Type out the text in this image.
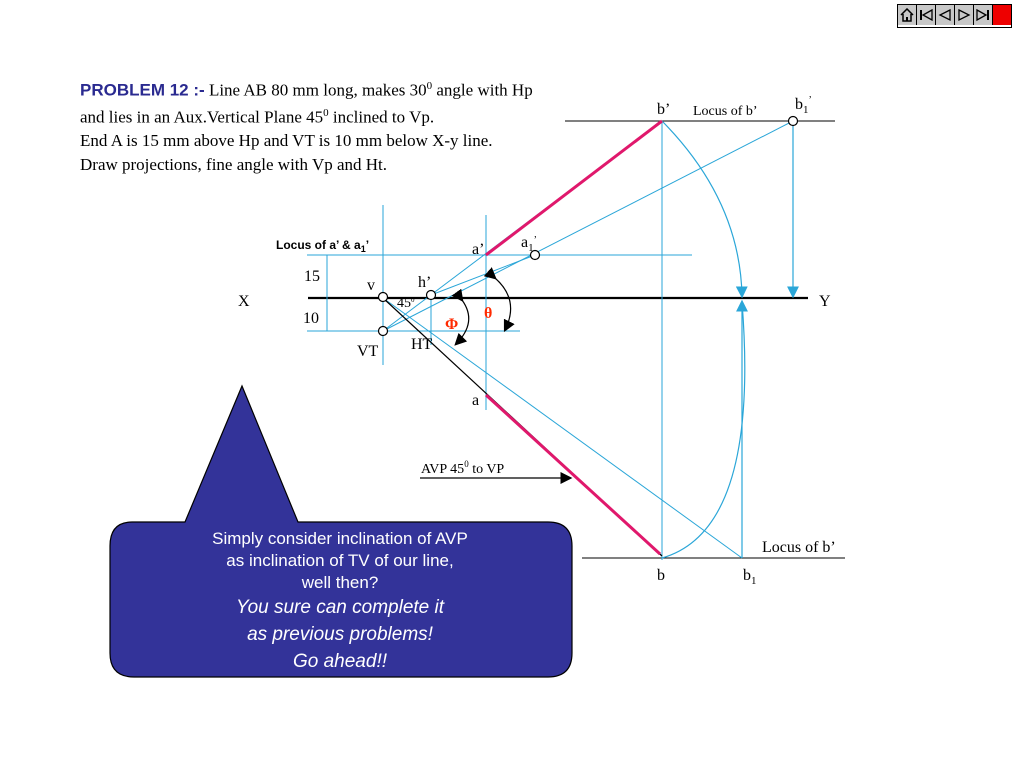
PROBLEM 12 :- Line AB 80 mm long, makes $30^0$ angle with Hp

and lies in an Aux.Vertical Plane $45^0$ inclined to Vp.

End A is 15 mm above Hp and VT is 10 mm below X-y line.

Draw projections, fine angle with Vp and Ht.

$b_1^’$
b’ Locus of b’
Locus of a’ & $a_1$’	a’ $a_1^’$
15
10
v	h’
$45^0$
X	Y
θ
Φ
HT
VT
a
AVP $45^0$ to VP
Locus of b’
b	$b_1$
Simply consider inclination of AVP
as inclination of TV of our line,
well then?
You sure can complete it
as previous problems!
Go ahead!!
